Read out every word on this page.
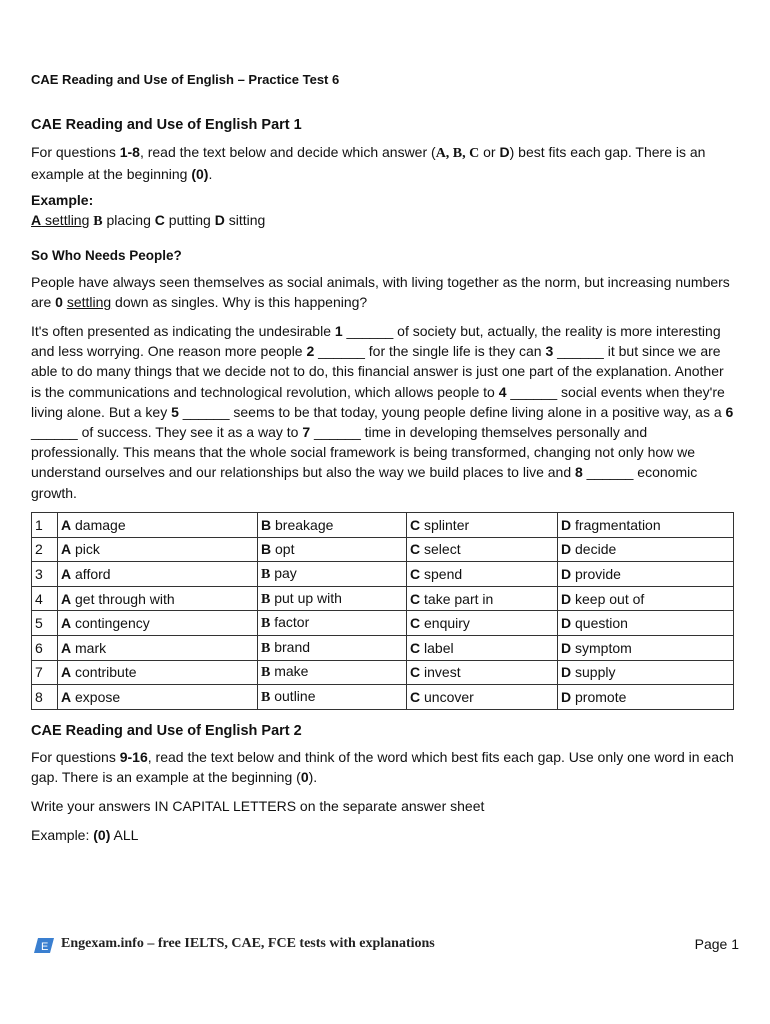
CAE Reading and Use of English – Practice Test 6
CAE Reading and Use of English Part 1
For questions 1-8, read the text below and decide which answer (A, B, C or D) best fits each gap. There is an example at the beginning (0).
Example:
A settling B placing C putting D sitting
So Who Needs People?
People have always seen themselves as social animals, with living together as the norm, but increasing numbers are 0 settling down as singles. Why is this happening?
It's often presented as indicating the undesirable 1 ______ of society but, actually, the reality is more interesting and less worrying. One reason more people 2 ______ for the single life is they can 3 ______ it but since we are able to do many things that we decide not to do, this financial answer is just one part of the explanation. Another is the communications and technological revolution, which allows people to 4 ______ social events when they're living alone. But a key 5 ______ seems to be that today, young people define living alone in a positive way, as a 6 ______ of success. They see it as a way to 7 ______ time in developing themselves personally and professionally. This means that the whole social framework is being transformed, changing not only how we understand ourselves and our relationships but also the way we build places to live and 8 ______ economic growth.
1	A damage	B breakage	C splinter	D fragmentation
2	A pick	B opt	C select	D decide
3	A afford	B pay	C spend	D provide
4	A get through with	B put up with	C take part in	D keep out of
5	A contingency	B factor	C enquiry	D question
6	A mark	B brand	C label	D symptom
7	A contribute	B make	C invest	D supply
8	A expose	B outline	C uncover	D promote
CAE Reading and Use of English Part 2
For questions 9-16, read the text below and think of the word which best fits each gap. Use only one word in each gap. There is an example at the beginning (0).
Write your answers IN CAPITAL LETTERS on the separate answer sheet
Example: (0) ALL
E Engexam.info – free IELTS, CAE, FCE tests with explanations	Page 1
